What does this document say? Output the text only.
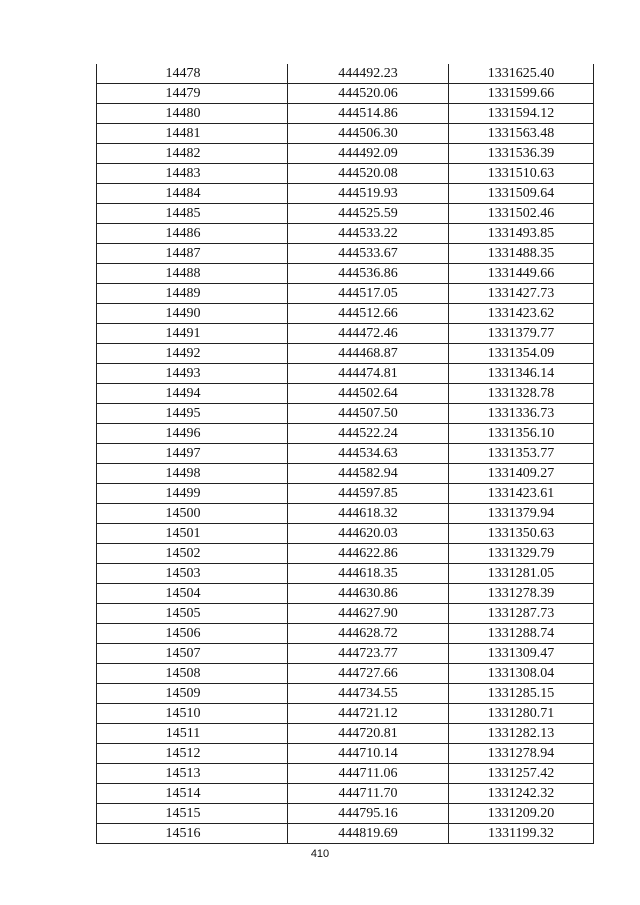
14478	444492.23	1331625.40
14479	444520.06	1331599.66
14480	444514.86	1331594.12
14481	444506.30	1331563.48
14482	444492.09	1331536.39
14483	444520.08	1331510.63
14484	444519.93	1331509.64
14485	444525.59	1331502.46
14486	444533.22	1331493.85
14487	444533.67	1331488.35
14488	444536.86	1331449.66
14489	444517.05	1331427.73
14490	444512.66	1331423.62
14491	444472.46	1331379.77
14492	444468.87	1331354.09
14493	444474.81	1331346.14
14494	444502.64	1331328.78
14495	444507.50	1331336.73
14496	444522.24	1331356.10
14497	444534.63	1331353.77
14498	444582.94	1331409.27
14499	444597.85	1331423.61
14500	444618.32	1331379.94
14501	444620.03	1331350.63
14502	444622.86	1331329.79
14503	444618.35	1331281.05
14504	444630.86	1331278.39
14505	444627.90	1331287.73
14506	444628.72	1331288.74
14507	444723.77	1331309.47
14508	444727.66	1331308.04
14509	444734.55	1331285.15
14510	444721.12	1331280.71
14511	444720.81	1331282.13
14512	444710.14	1331278.94
14513	444711.06	1331257.42
14514	444711.70	1331242.32
14515	444795.16	1331209.20
14516	444819.69	1331199.32
410
